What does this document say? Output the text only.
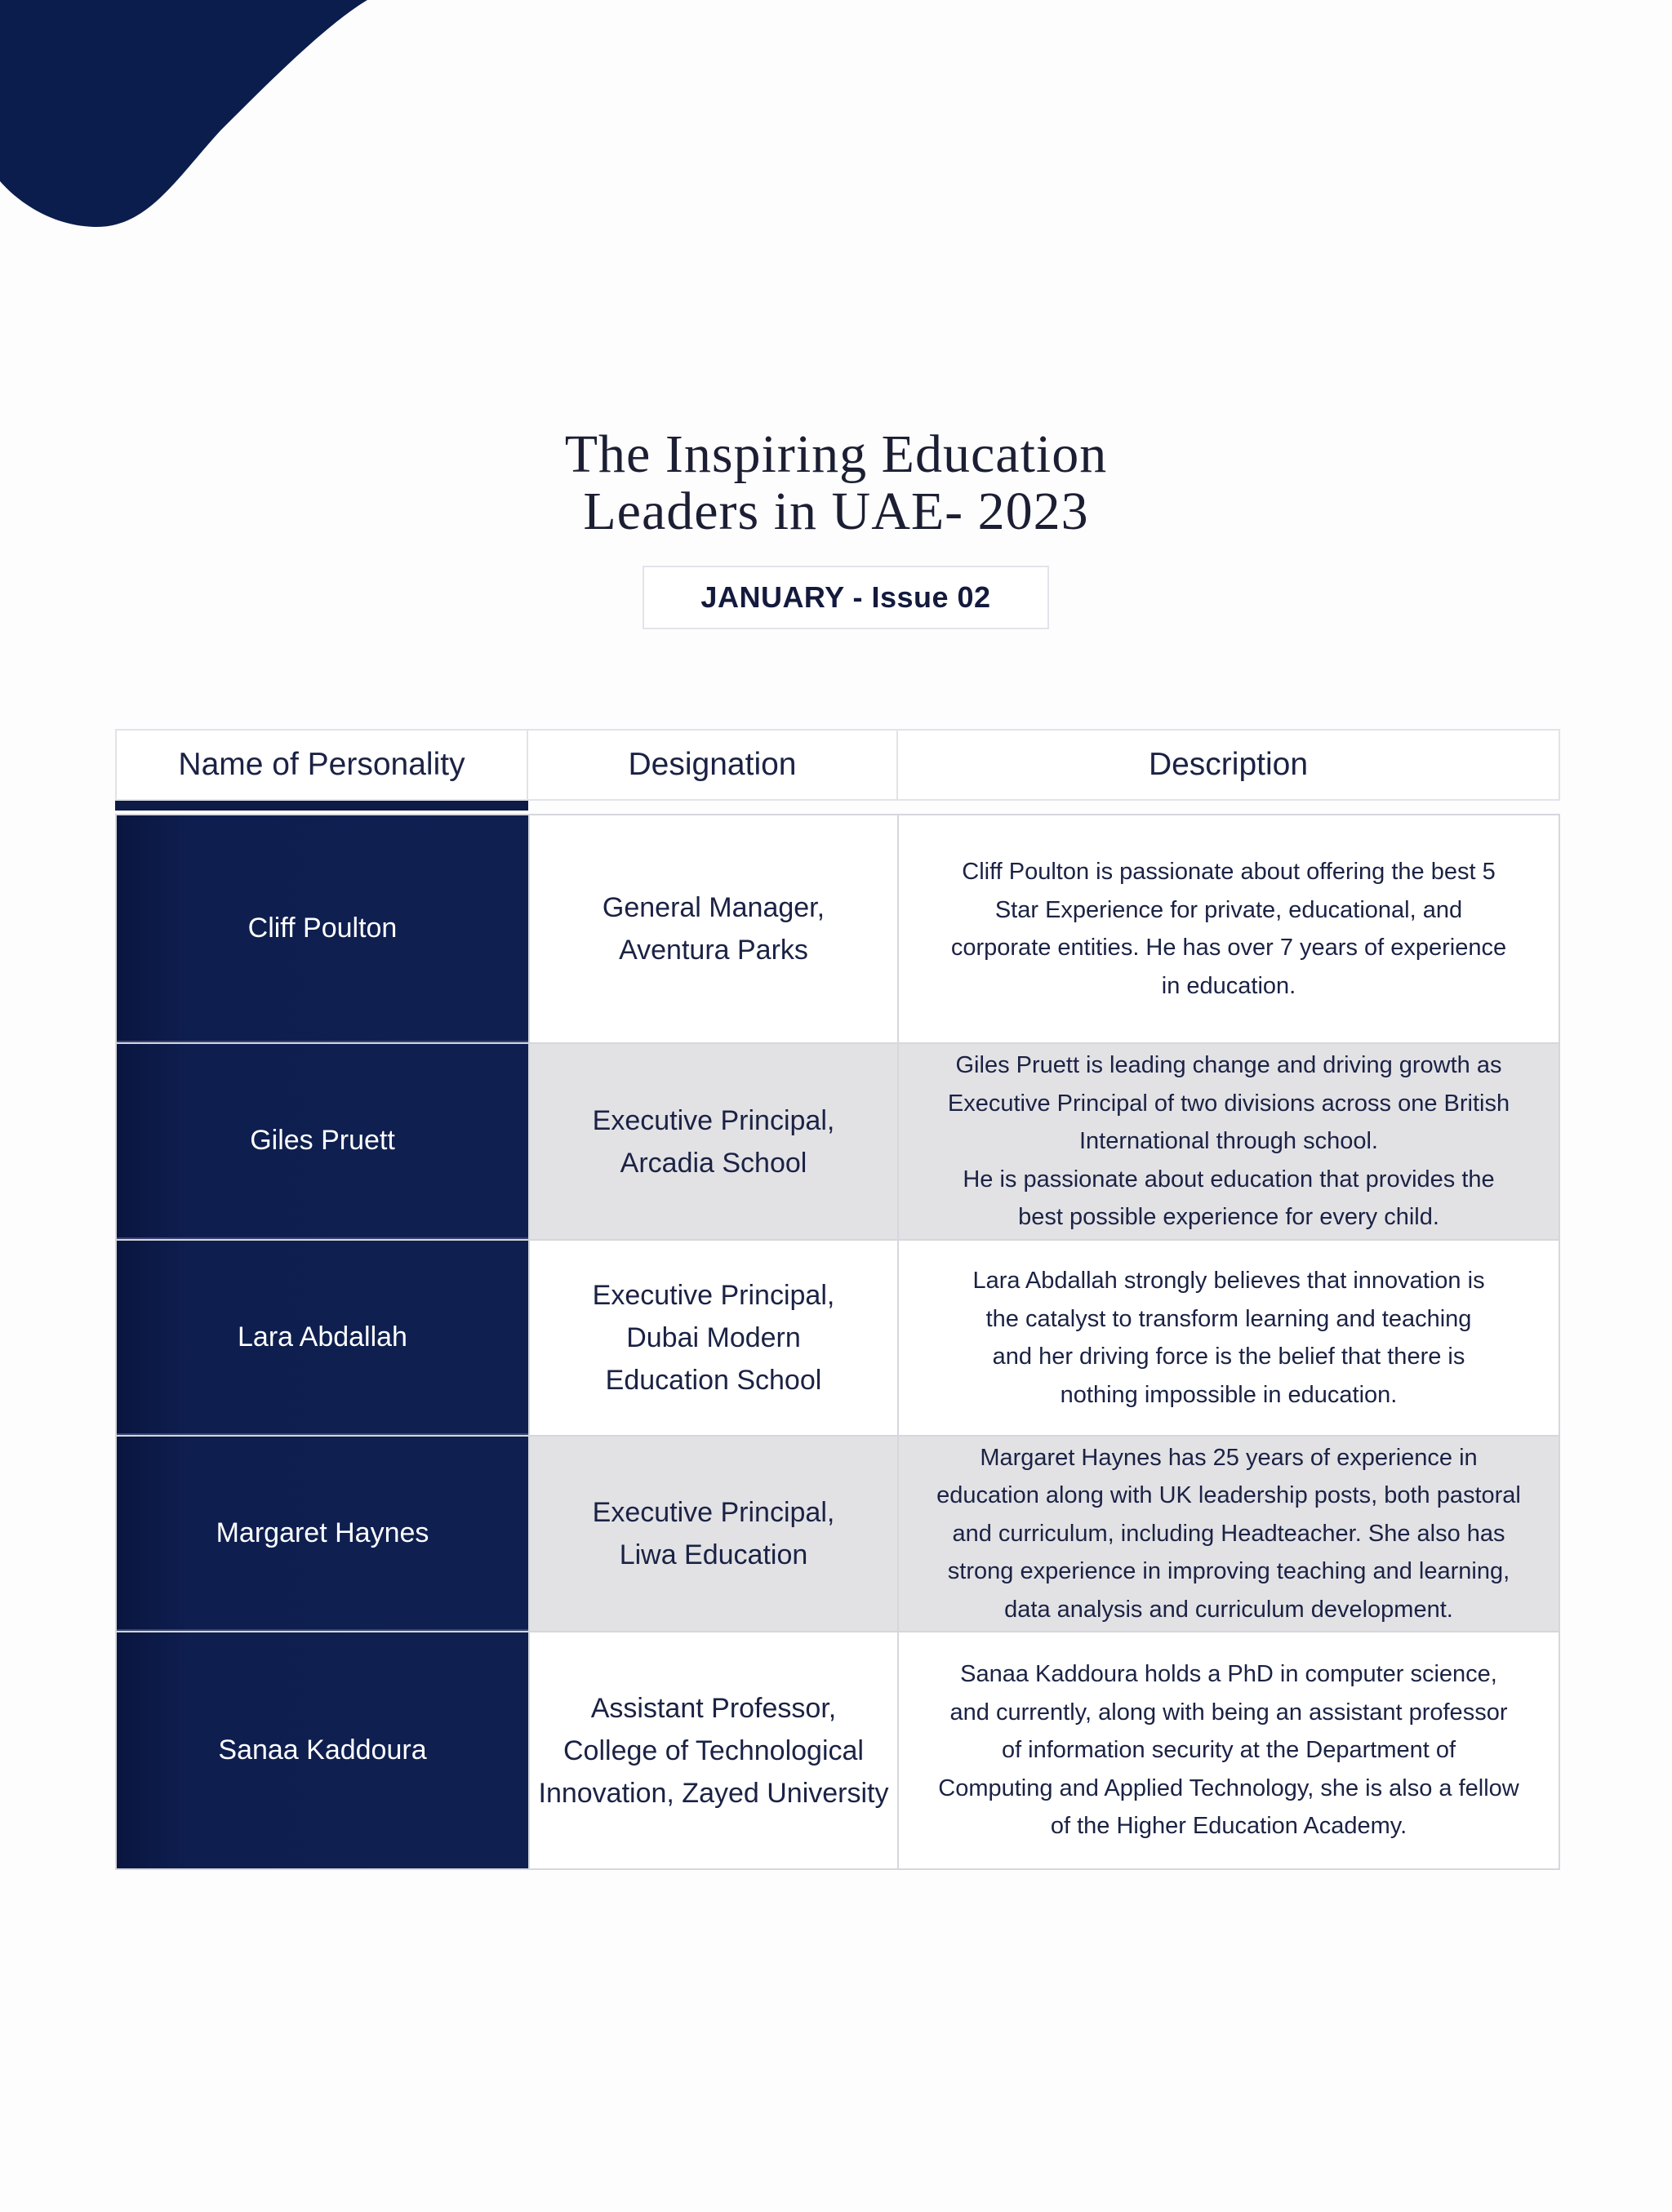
The Inspiring Education
Leaders in UAE- 2023
JANUARY - Issue 02
Name of Personality	Designation	Description
Cliff Poulton
General Manager,
Aventura Parks
Cliff Poulton is passionate about offering the best 5
Star Experience for private, educational, and
corporate entities. He has over 7 years of experience
in education.
Giles Pruett
Executive Principal,
Arcadia School
Giles Pruett is leading change and driving growth as
Executive Principal of two divisions across one British
International through school.
He is passionate about education that provides the
best possible experience for every child.
Lara Abdallah
Executive Principal,
Dubai Modern
Education School
Lara Abdallah strongly believes that innovation is
the catalyst to transform learning and teaching
and her driving force is the belief that there is
nothing impossible in education.
Margaret Haynes
Executive Principal,
Liwa Education
Margaret Haynes has 25 years of experience in
education along with UK leadership posts, both pastoral
and curriculum, including Headteacher. She also has
strong experience in improving teaching and learning,
data analysis and curriculum development.
Sanaa Kaddoura
Assistant Professor,
College of Technological
Innovation, Zayed University
Sanaa Kaddoura holds a PhD in computer science,
and currently, along with being an assistant professor
of information security at the Department of
Computing and Applied Technology, she is also a fellow
of the Higher Education Academy.
